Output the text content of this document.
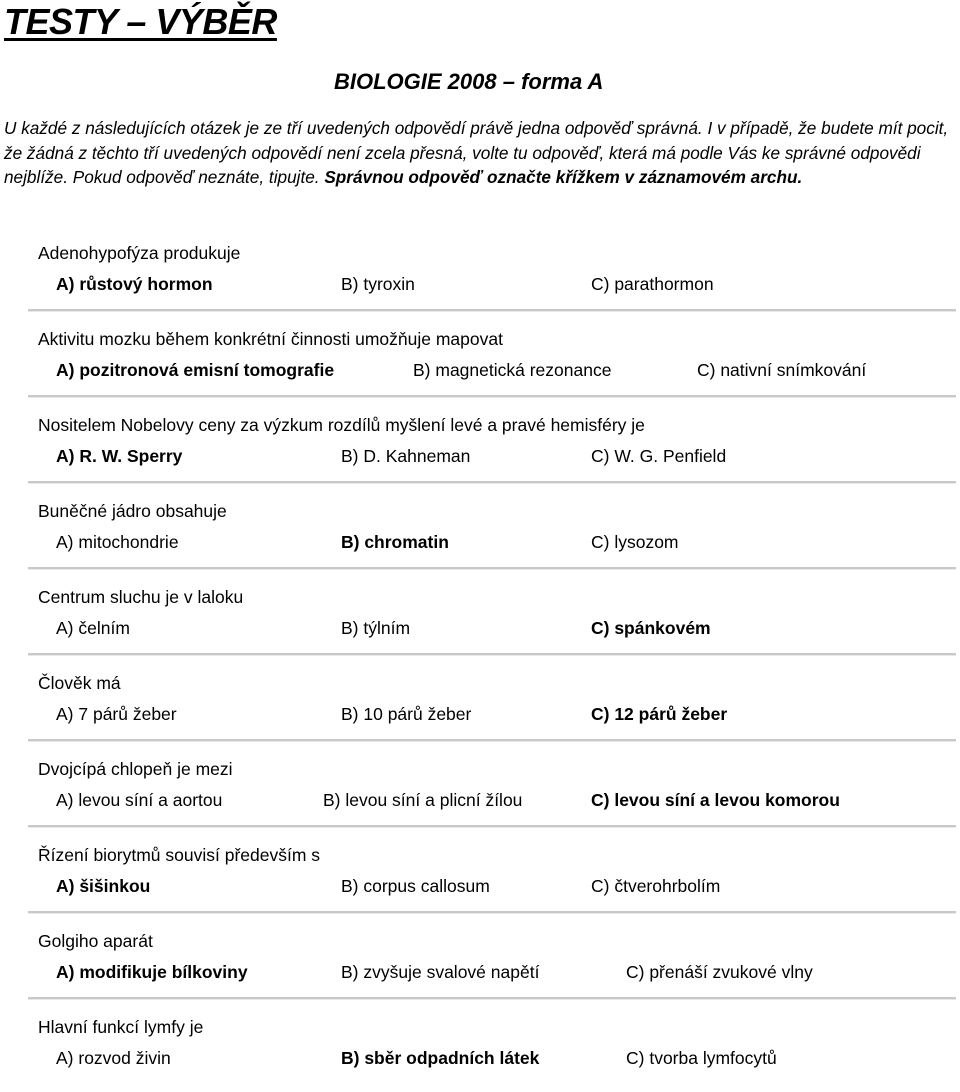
TESTY – VÝBĚR
BIOLOGIE 2008 – forma A
U každé z následujících otázek je ze tří uvedených odpovědí právě jedna odpověď správná. I v případě, že budete mít pocit, že žádná z těchto tří uvedených odpovědí není zcela přesná, volte tu odpověď, která má podle Vás ke správné odpovědi nejblíže. Pokud odpověď neznáte, tipujte. Správnou odpověď označte křížkem v záznamovém archu.
Adenohypofýza produkuje
A) růstový hormon	B) tyroxin	C) parathormon
Aktivitu mozku během konkrétní činnosti umožňuje mapovat
A) pozitronová emisní tomografie	B) magnetická rezonance	C) nativní snímkování
Nositelem Nobelovy ceny za výzkum rozdílů myšlení levé a pravé hemisféry je
A) R. W. Sperry	B) D. Kahneman	C) W. G. Penfield
Buněčné jádro obsahuje
A) mitochondrie	B) chromatin	C) lysozom
Centrum sluchu je v laloku
A) čelním	B) týlním	C) spánkovém
Člověk má
A) 7 párů žeber	B) 10 párů žeber	C) 12 párů žeber
Dvojcípá chlopeň je mezi
A) levou síní a aortou	B) levou síní a plicní žílou	C) levou síní a levou komorou
Řízení biorytmů souvisí především s
A) šišinkou	B) corpus callosum	C) čtverohrbolím
Golgiho aparát
A) modifikuje bílkoviny	B) zvyšuje svalové napětí	C) přenáší zvukové vlny
Hlavní funkcí lymfy je
A) rozvod živin	B) sběr odpadních látek	C) tvorba lymfocytů
